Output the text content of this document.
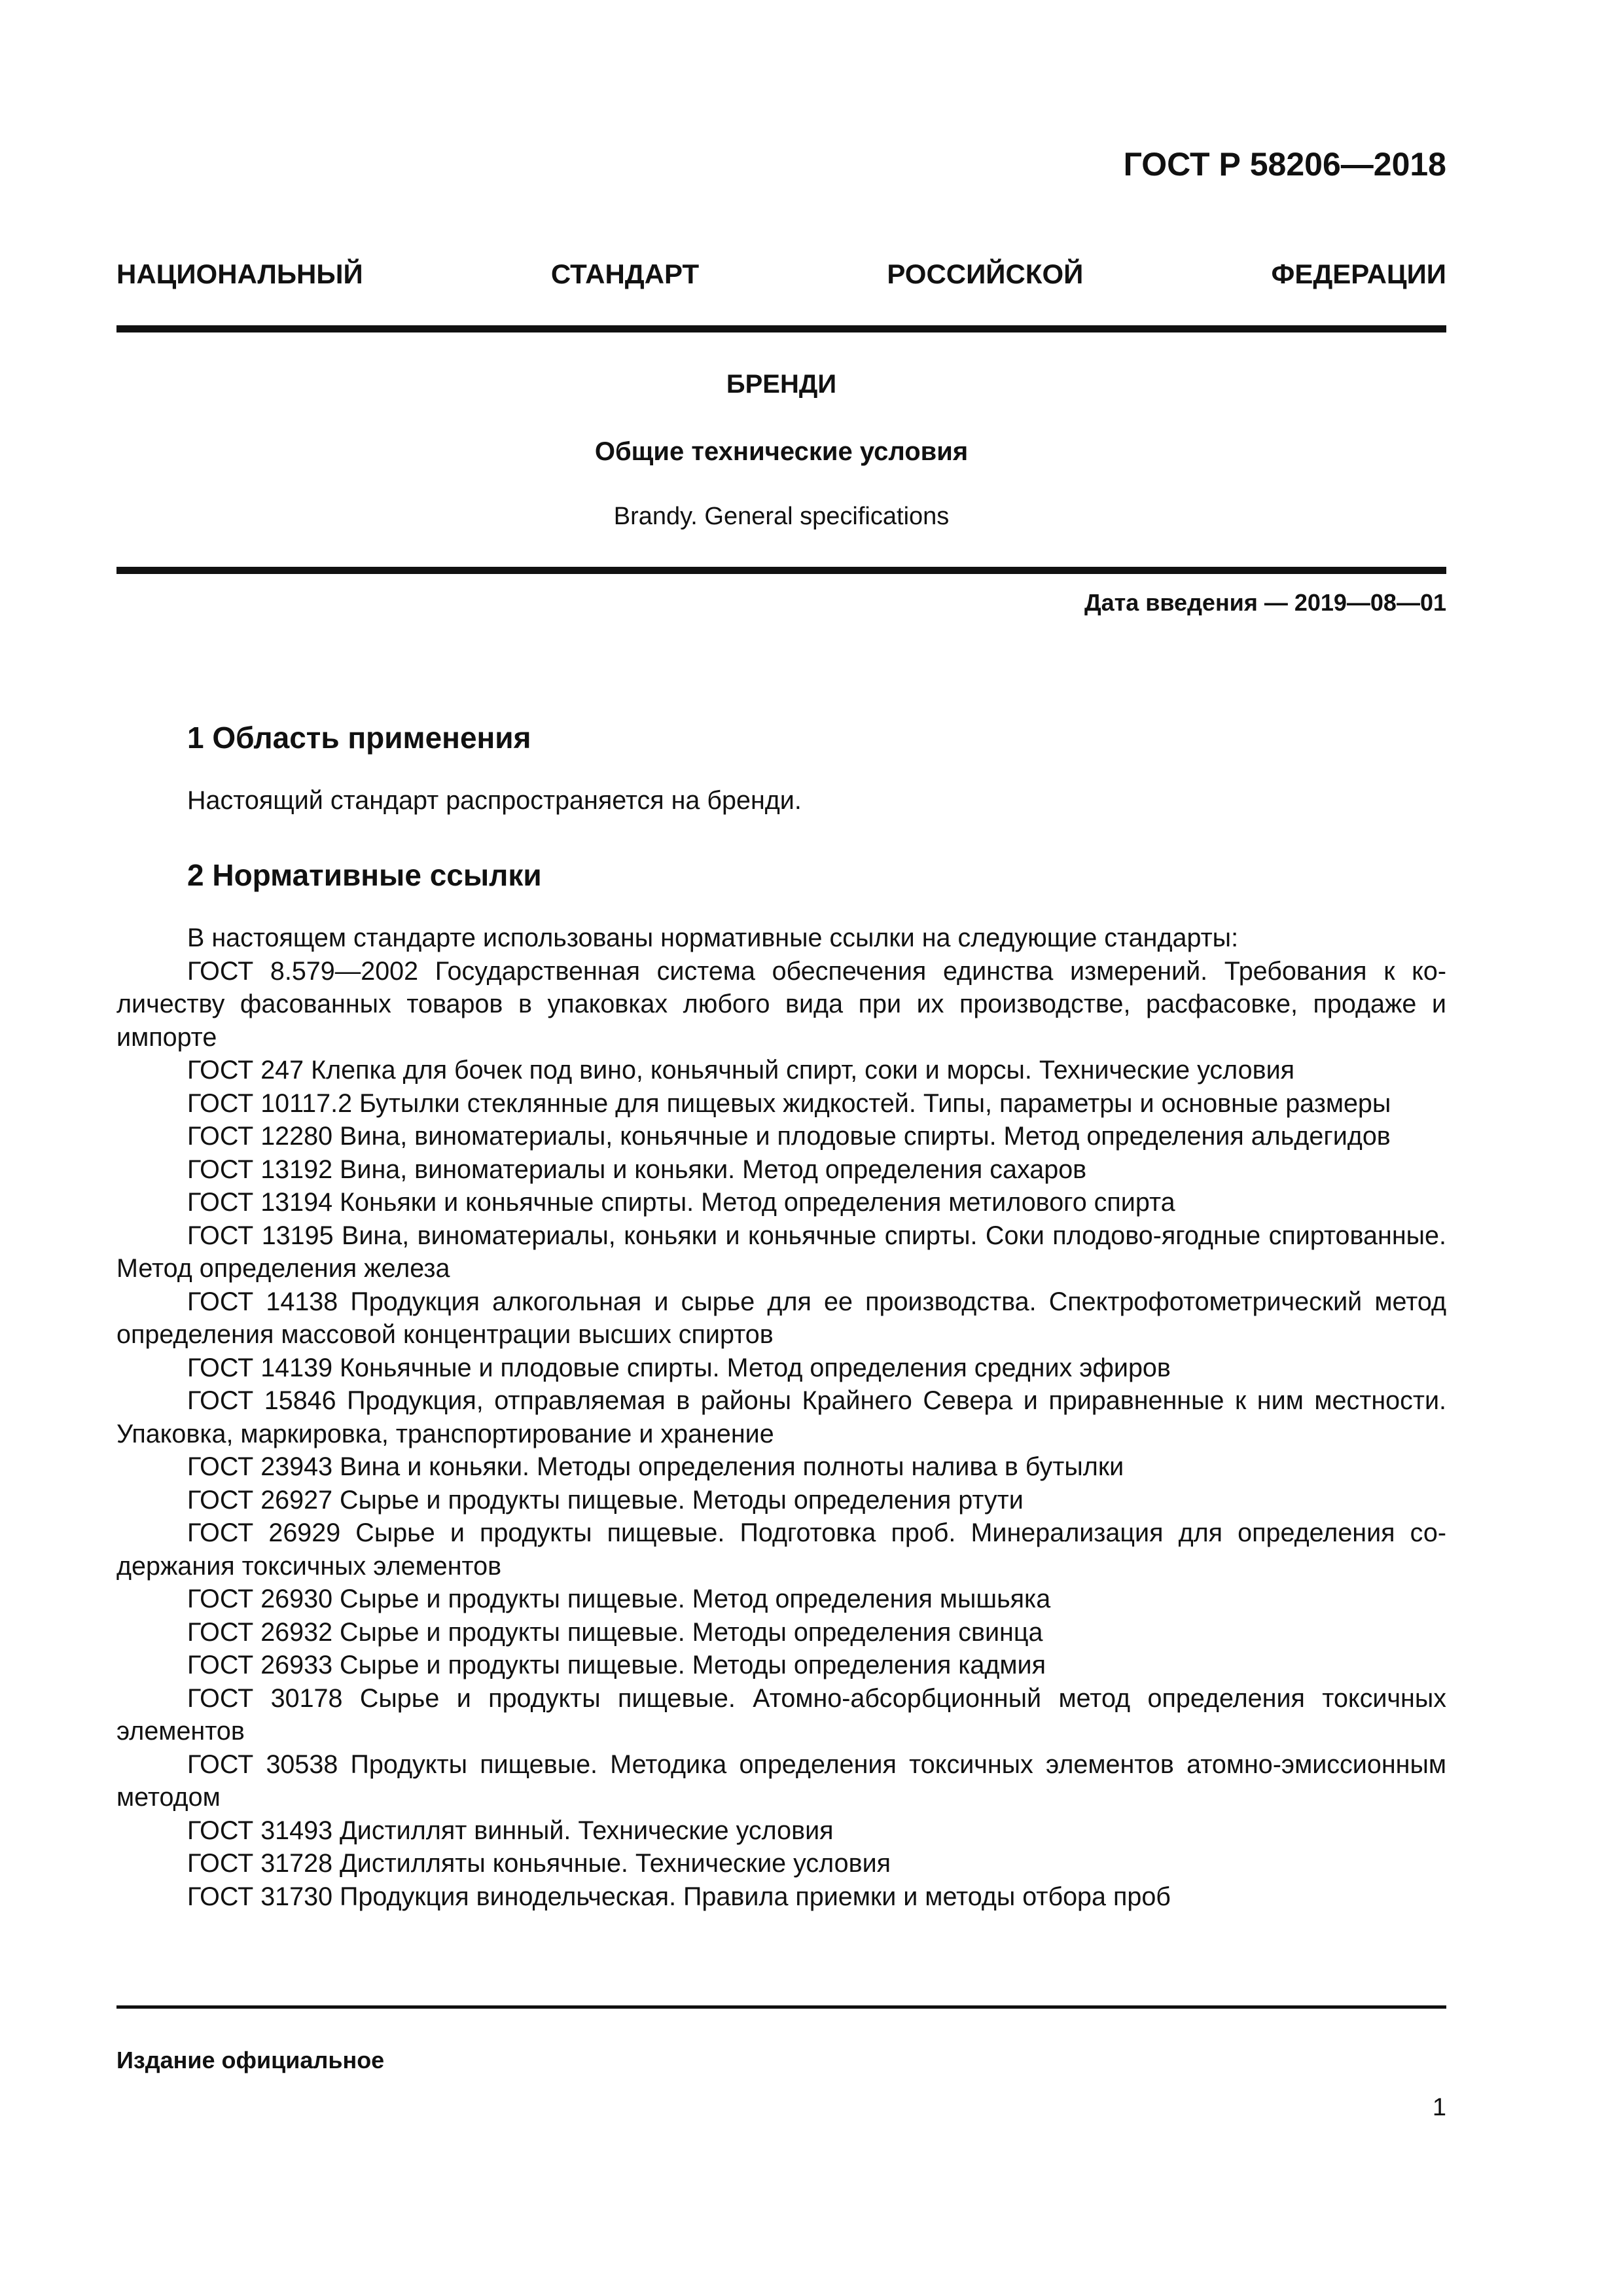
ГОСТ Р 58206—2018
НАЦИОНАЛЬНЫЙ СТАНДАРТ РОССИЙСКОЙ ФЕДЕРАЦИИ
БРЕНДИ
Общие технические условия
Brandy. General specifications
Дата введения — 2019—08—01
1 Область применения
Настоящий стандарт распространяется на бренди.
2 Нормативные ссылки

В настоящем стандарте использованы нормативные ссылки на следующие стандарты:

ГОСТ 8.579—2002 Государственная система обеспечения единства измерений. Требования к количеству фасованных товаров в упаковках любого вида при их производстве, расфасовке, продаже и импорте

ГОСТ 247 Клепка для бочек под вино, коньячный спирт, соки и морсы. Технические условия

ГОСТ 10117.2 Бутылки стеклянные для пищевых жидкостей. Типы, параметры и основные размеры

ГОСТ 12280 Вина, виноматериалы, коньячные и плодовые спирты. Метод определения альдегидов

ГОСТ 13192 Вина, виноматериалы и коньяки. Метод определения сахаров

ГОСТ 13194 Коньяки и коньячные спирты. Метод определения метилового спирта

ГОСТ 13195 Вина, виноматериалы, коньяки и коньячные спирты. Соки плодово-ягодные спиртованные. Метод определения железа

ГОСТ 14138 Продукция алкогольная и сырье для ее производства. Спектрофотометрический метод определения массовой концентрации высших спиртов

ГОСТ 14139 Коньячные и плодовые спирты. Метод определения средних эфиров

ГОСТ 15846 Продукция, отправляемая в районы Крайнего Севера и приравненные к ним местности. Упаковка, маркировка, транспортирование и хранение

ГОСТ 23943 Вина и коньяки. Методы определения полноты налива в бутылки

ГОСТ 26927 Сырье и продукты пищевые. Методы определения ртути

ГОСТ 26929 Сырье и продукты пищевые. Подготовка проб. Минерализация для определения содержания токсичных элементов

ГОСТ 26930 Сырье и продукты пищевые. Метод определения мышьяка

ГОСТ 26932 Сырье и продукты пищевые. Методы определения свинца

ГОСТ 26933 Сырье и продукты пищевые. Методы определения кадмия

ГОСТ 30178 Сырье и продукты пищевые. Атомно-абсорбционный метод определения токсичных элементов

ГОСТ 30538 Продукты пищевые. Методика определения токсичных элементов атомно-эмиссионным методом

ГОСТ 31493 Дистиллят винный. Технические условия

ГОСТ 31728 Дистилляты коньячные. Технические условия

ГОСТ 31730 Продукция винодельческая. Правила приемки и методы отбора проб

Издание официальное
1
